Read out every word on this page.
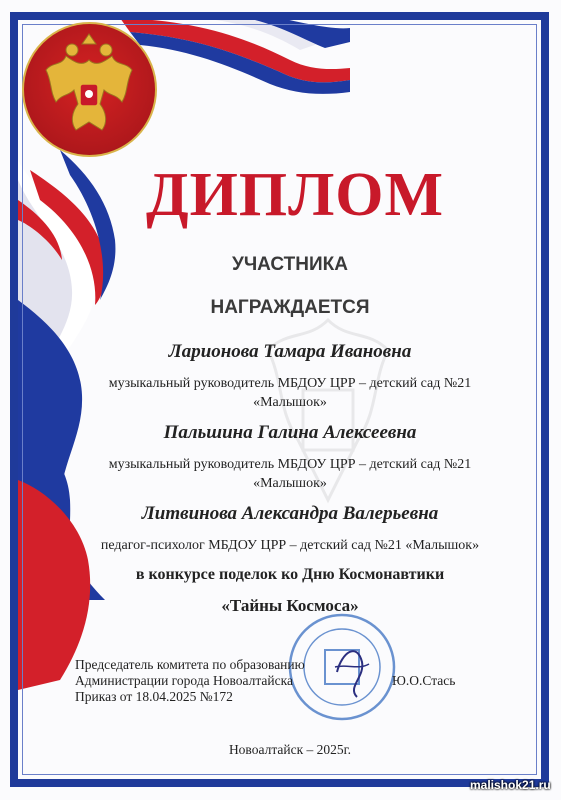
ДИПЛОМ
УЧАСТНИКА
НАГРАЖДАЕТСЯ
Ларионова Тамара Ивановна
музыкальный руководитель МБДОУ ЦРР – детский сад №21
«Малышок»
Пальшина Галина Алексеевна
музыкальный руководитель МБДОУ ЦРР – детский сад №21
«Малышок»
Литвинова Александра Валерьевна
педагог-психолог МБДОУ ЦРР – детский сад №21 «Малышок»
в конкурсе поделок ко Дню Космонавтики
«Тайны Космоса»
Председатель комитета по образованию
Администрации города Новоалтайска
Приказ от 18.04.2025 №172
Ю.О.Стась
Новоалтайск – 2025г.
malishok21.ru
